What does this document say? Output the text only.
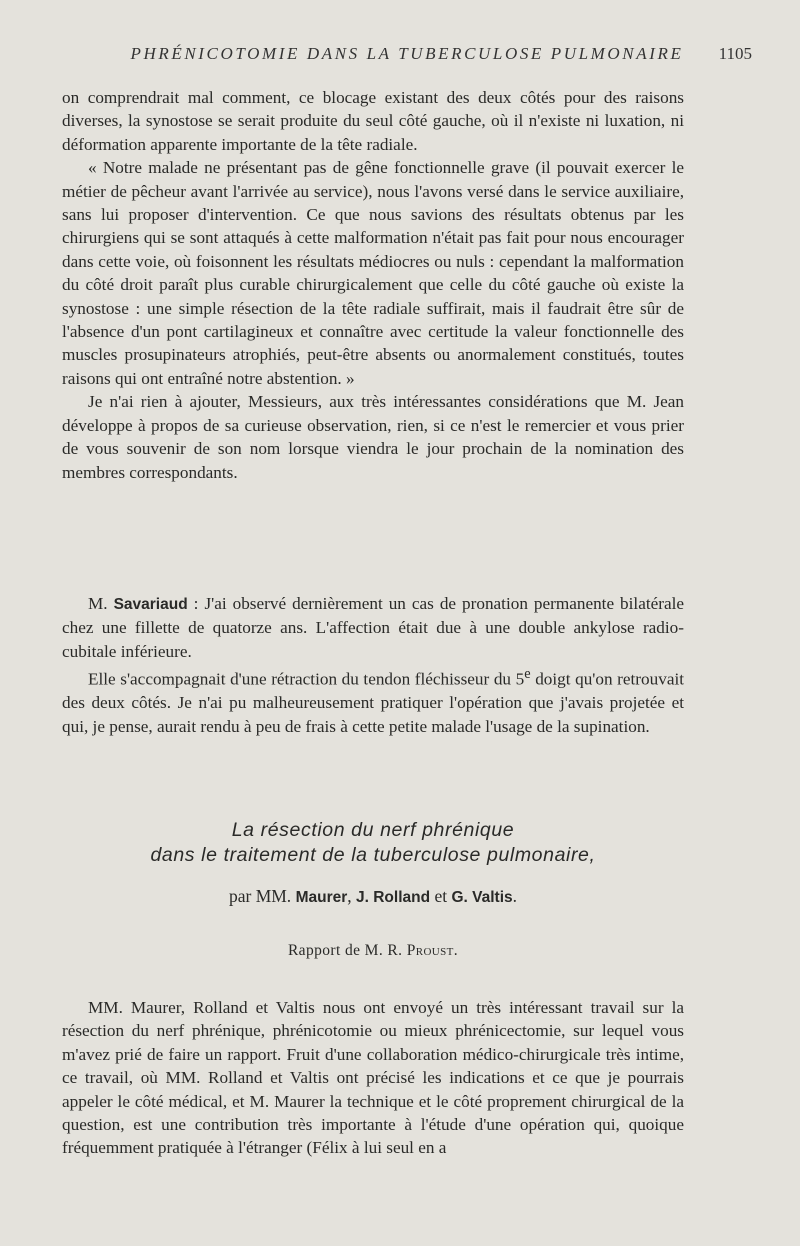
PHRÉNICOTOMIE DANS LA TUBERCULOSE PULMONAIRE 1105

on comprendrait mal comment, ce blocage existant des deux côtés pour des raisons diverses, la synostose se serait produite du seul côté gauche, où il n'existe ni luxation, ni déformation apparente importante de la tête radiale.

« Notre malade ne présentant pas de gêne fonctionnelle grave (il pouvait exercer le métier de pêcheur avant l'arrivée au service), nous l'avons versé dans le service auxiliaire, sans lui proposer d'intervention. Ce que nous savions des résultats obtenus par les chirurgiens qui se sont attaqués à cette malformation n'était pas fait pour nous encourager dans cette voie, où foisonnent les résultats médiocres ou nuls : cependant la malformation du côté droit paraît plus curable chirurgicalement que celle du côté gauche où existe la synostose : une simple résection de la tête radiale suffirait, mais il faudrait être sûr de l'absence d'un pont cartilagineux et connaître avec certitude la valeur fonctionnelle des muscles prosupinateurs atrophiés, peut-être absents ou anormalement constitués, toutes raisons qui ont entraîné notre abstention. »

Je n'ai rien à ajouter, Messieurs, aux très intéressantes considérations que M. Jean développe à propos de sa curieuse observation, rien, si ce n'est le remercier et vous prier de vous souvenir de son nom lorsque viendra le jour prochain de la nomination des membres correspondants.

M. Savariaud : J'ai observé dernièrement un cas de pronation permanente bilatérale chez une fillette de quatorze ans. L'affection était due à une double ankylose radio-cubitale inférieure.

Elle s'accompagnait d'une rétraction du tendon fléchisseur du 5e doigt qu'on retrouvait des deux côtés. Je n'ai pu malheureusement pratiquer l'opération que j'avais projetée et qui, je pense, aurait rendu à peu de frais à cette petite malade l'usage de la supination.

La résection du nerf phrénique
dans le traitement de la tuberculose pulmonaire,
par MM. Maurer, J. Rolland et G. Valtis.
Rapport de M. R. Proust.

MM. Maurer, Rolland et Valtis nous ont envoyé un très intéressant travail sur la résection du nerf phrénique, phrénicotomie ou mieux phrénicectomie, sur lequel vous m'avez prié de faire un rapport. Fruit d'une collaboration médico-chirurgicale très intime, ce travail, où MM. Rolland et Valtis ont précisé les indications et ce que je pourrais appeler le côté médical, et M. Maurer la technique et le côté proprement chirurgical de la question, est une contribution très importante à l'étude d'une opération qui, quoique fréquemment pratiquée à l'étranger (Félix à lui seul en a
